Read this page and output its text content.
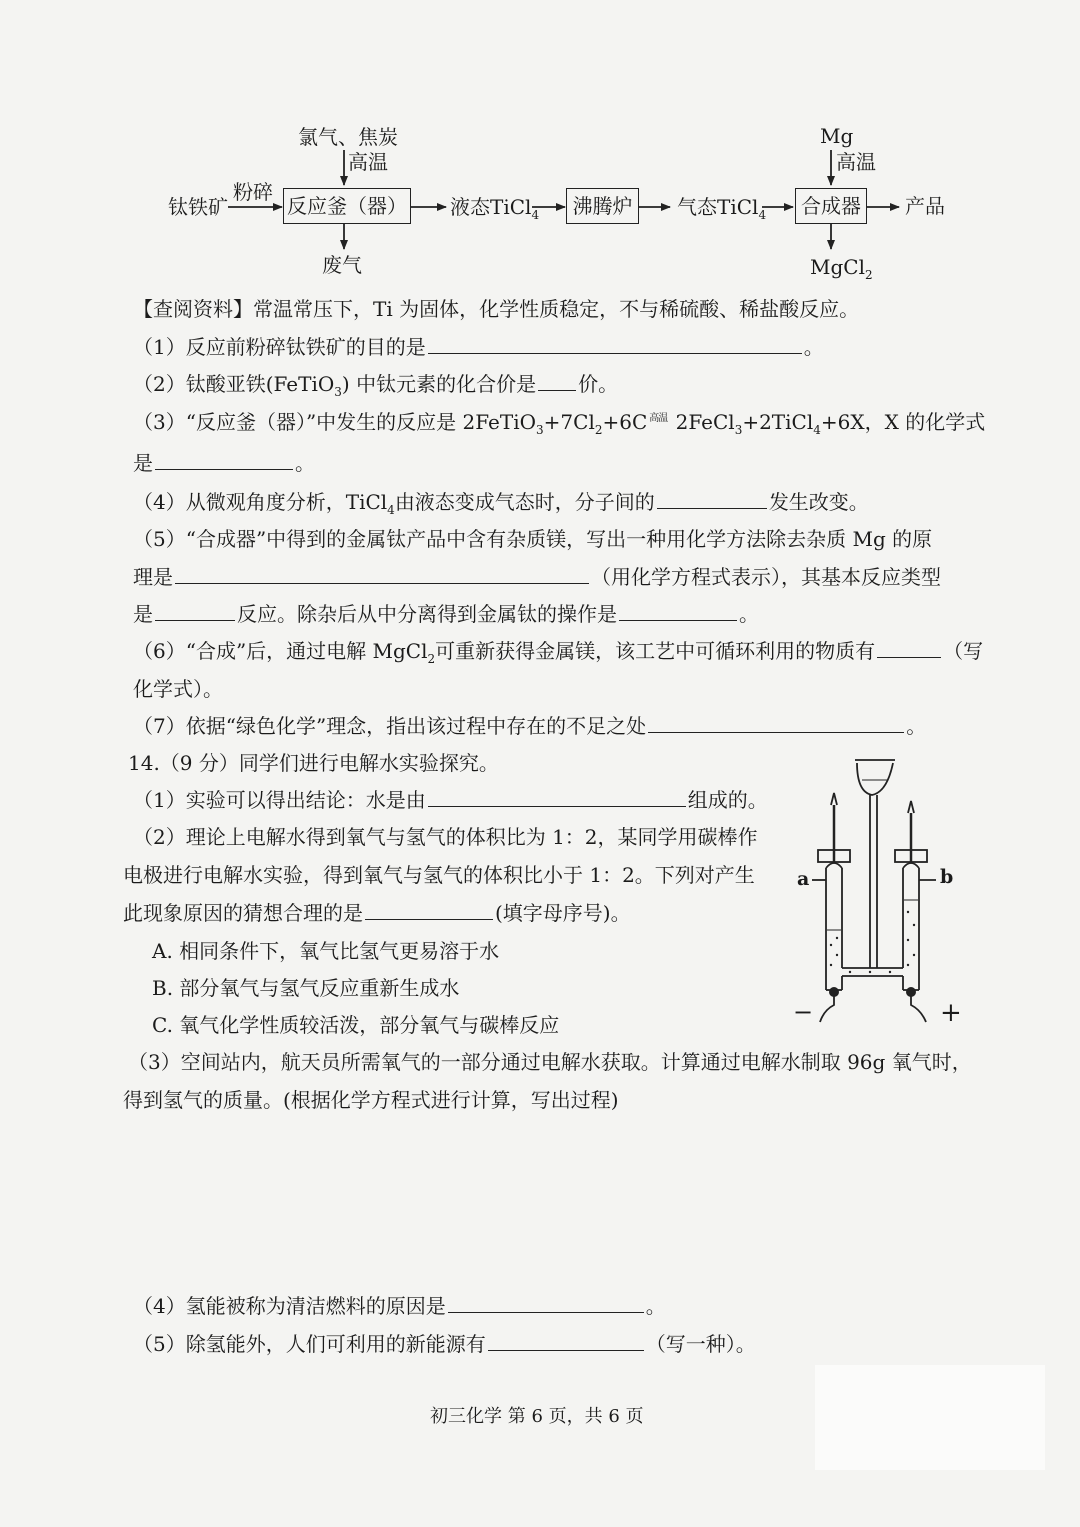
氯气、焦炭
高温
钛铁矿
粉碎
反应釜（器） 液态TiCl$_4$	沸腾炉	气态TiCl$_4$
Mg
高温
合成器	产品
废气	MgCl$_2$
【查阅资料】常温常压下，Ti 为固体，化学性质稳定，不与稀硫酸、稀盐酸反应。
（1）反应前粉碎钛铁矿的目的是	。
（2）钛酸亚铁(FeTiO$_3$) 中钛元素的化合价是 价。
（3）“反应釜（器）”中发生的反应是 $2FeTiO_3+7Cl_2+6C$ $^{高温}$ 2FeCl$_3$+2TiCl$_4$+6X，X 的化学式
是	。
（4）从微观角度分析，TiCl$_4$由液态变成气态时，分子间的	发生改变。
（5）“合成器”中得到的金属钛产品中含有杂质镁，写出一种用化学方法除去杂质 Mg 的原
理是	（用化学方程式表示），其基本反应类型
是	反应。除杂后从中分离得到金属钛的操作是	。
（6）“合成”后，通过电解 MgCl$_2$可重新获得金属镁，该工艺中可循环利用的物质有	（写
化学式）。
（7）依据“绿色化学”理念，指出该过程中存在的不足之处	。
14.（9 分）同学们进行电解水实验探究。
（1）实验可以得出结论：水是由	组成的。
（2）理论上电解水得到氧气与氢气的体积比为 1：2，某同学用碳棒作
电极进行电解水实验，得到氧气与氢气的体积比小于 1：2。下列对产生
此现象原因的猜想合理的是	(填字母序号)。
A. 相同条件下，氧气比氢气更易溶于水
B. 部分氧气与氢气反应重新生成水
C. 氧气化学性质较活泼，部分氧气与碳棒反应
（3）空间站内，航天员所需氧气的一部分通过电解水获取。计算通过电解水制取 96g 氧气时，
得到氢气的质量。(根据化学方程式进行计算，写出过程)
（4）氢能被称为清洁燃料的原因是	。
（5）除氢能外，人们可利用的新能源有	（写一种）。
a	b
−	+
初三化学 第 6 页，共 6 页
